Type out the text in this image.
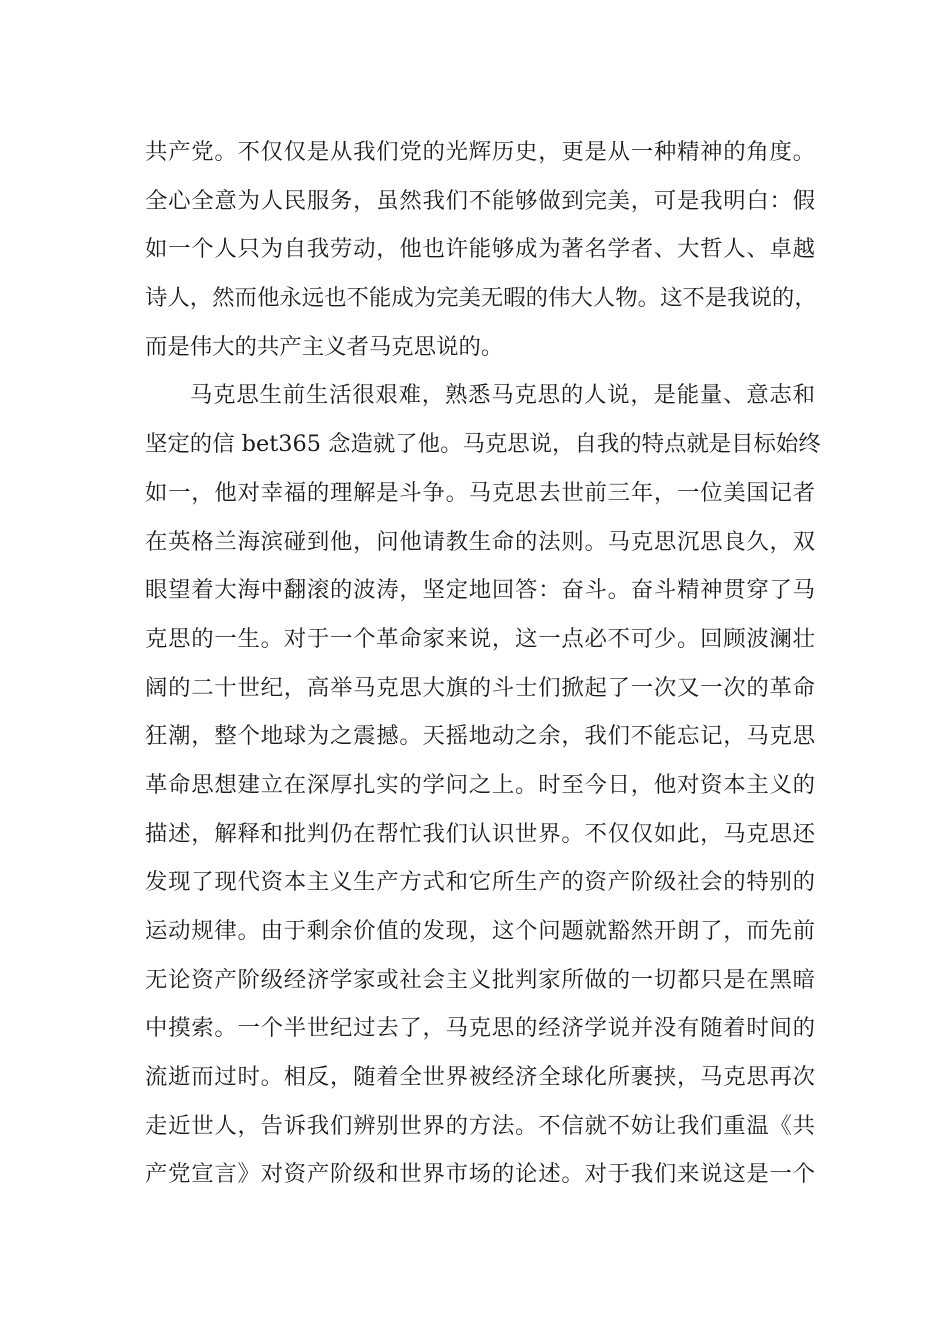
共产党。不仅仅是从我们党的光辉历史，更是从一种精神的角度。
全心全意为人民服务，虽然我们不能够做到完美，可是我明白：假
如一个人只为自我劳动，他也许能够成为著名学者、大哲人、卓越
诗人，然而他永远也不能成为完美无暇的伟大人物。这不是我说的，
而是伟大的共产主义者马克思说的。
马克思生前生活很艰难，熟悉马克思的人说，是能量、意志和
坚定的信 bet365 念造就了他。马克思说，自我的特点就是目标始终
如一，他对幸福的理解是斗争。马克思去世前三年，一位美国记者
在英格兰海滨碰到他，问他请教生命的法则。马克思沉思良久，双
眼望着大海中翻滚的波涛，坚定地回答：奋斗。奋斗精神贯穿了马
克思的一生。对于一个革命家来说，这一点必不可少。回顾波澜壮
阔的二十世纪，高举马克思大旗的斗士们掀起了一次又一次的革命
狂潮，整个地球为之震撼。天摇地动之余，我们不能忘记，马克思
革命思想建立在深厚扎实的学问之上。时至今日，他对资本主义的
描述，解释和批判仍在帮忙我们认识世界。不仅仅如此，马克思还
发现了现代资本主义生产方式和它所生产的资产阶级社会的特别的
运动规律。由于剩余价值的发现，这个问题就豁然开朗了，而先前
无论资产阶级经济学家或社会主义批判家所做的一切都只是在黑暗
中摸索。一个半世纪过去了，马克思的经济学说并没有随着时间的
流逝而过时。相反，随着全世界被经济全球化所裹挟，马克思再次
走近世人，告诉我们辨别世界的方法。不信就不妨让我们重温《共
产党宣言》对资产阶级和世界市场的论述。对于我们来说这是一个
